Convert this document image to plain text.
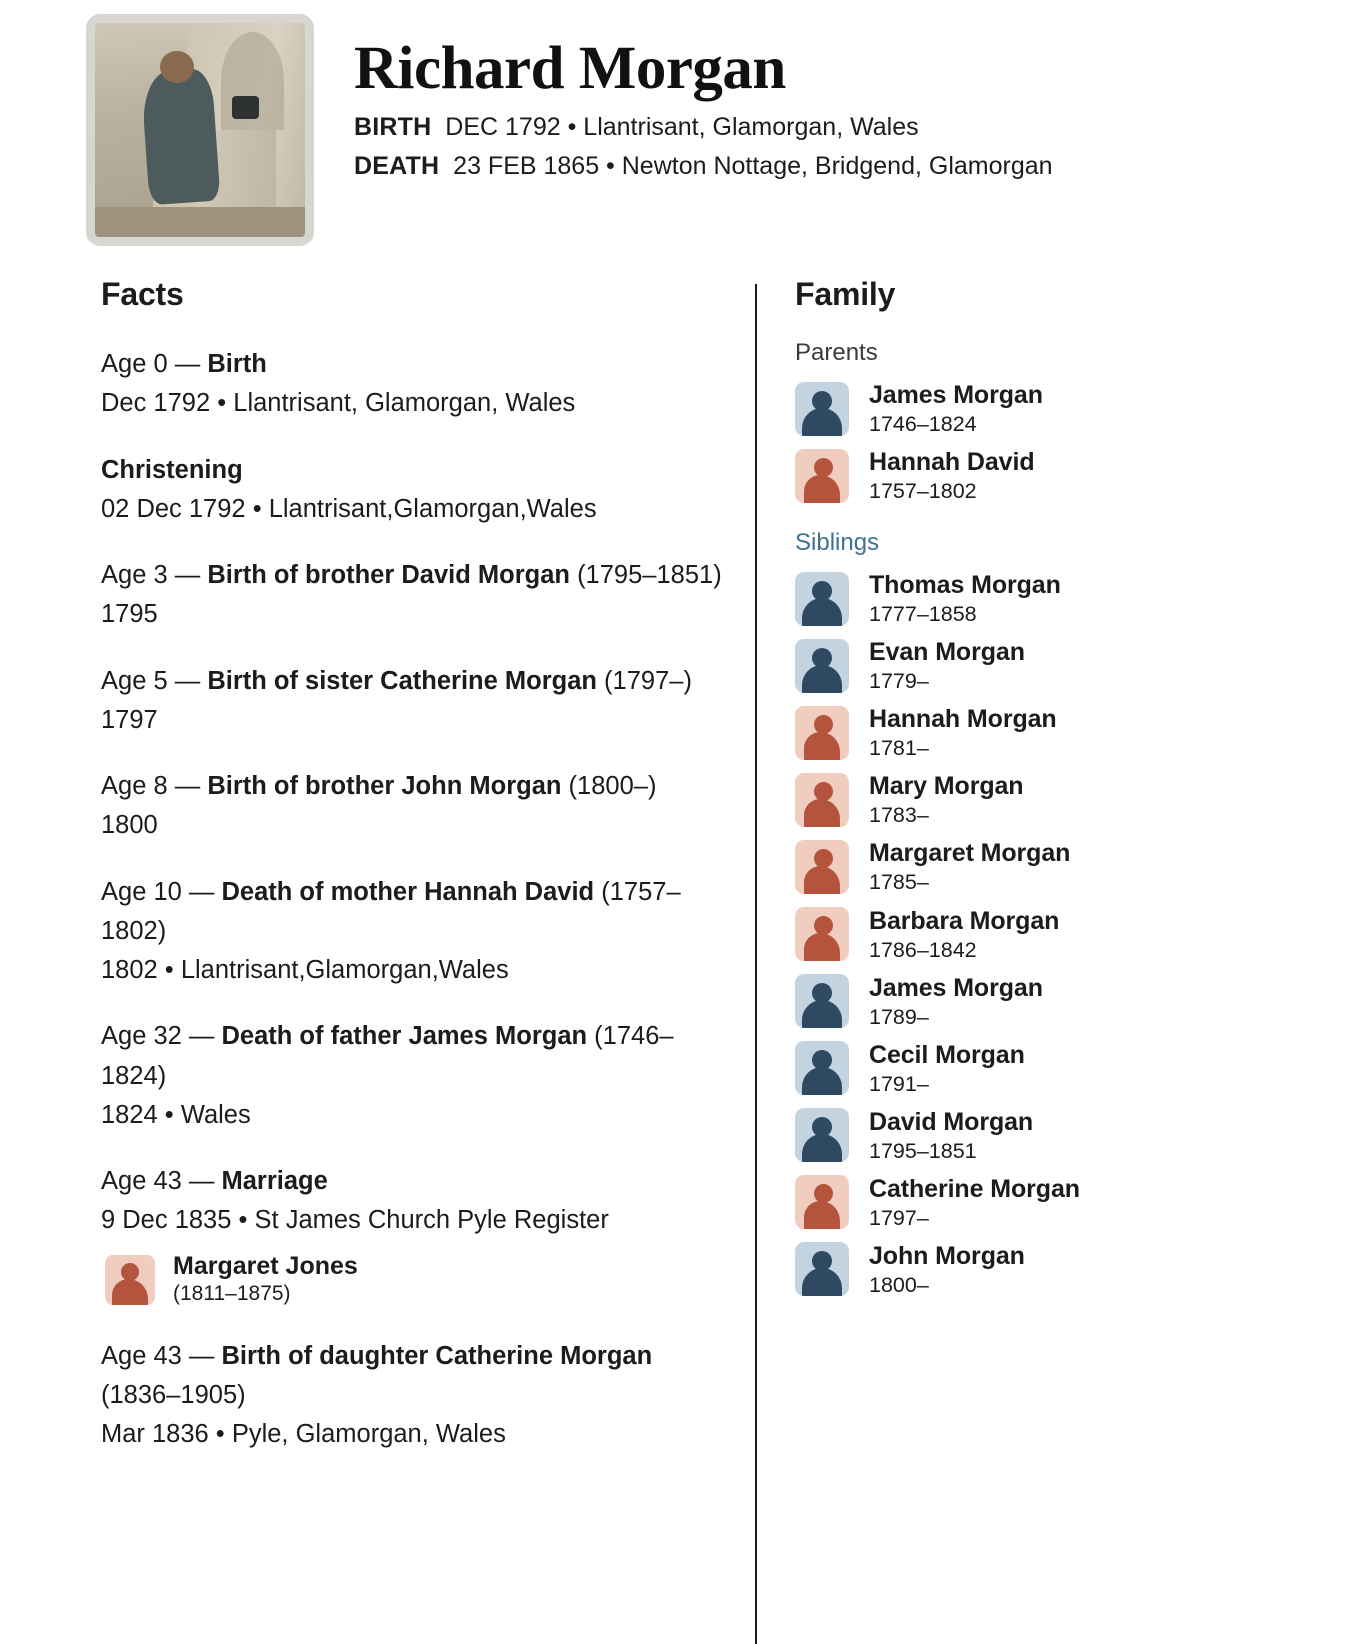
Richard Morgan
BIRTH DEC 1792 • Llantrisant, Glamorgan, Wales
DEATH 23 FEB 1865 • Newton Nottage, Bridgend, Glamorgan
Facts
Age 0 — Birth
Dec 1792 • Llantrisant, Glamorgan, Wales
Christening
02 Dec 1792 • Llantrisant,Glamorgan,Wales
Age 3 — Birth of brother David Morgan (1795–1851)
1795
Age 5 — Birth of sister Catherine Morgan (1797–)
1797
Age 8 — Birth of brother John Morgan (1800–)
1800
Age 10 — Death of mother Hannah David (1757–1802)
1802 • Llantrisant,Glamorgan,Wales
Age 32 — Death of father James Morgan (1746–1824)
1824 • Wales
Age 43 — Marriage
9 Dec 1835 • St James Church Pyle Register
Margaret Jones
(1811–1875)
Age 43 — Birth of daughter Catherine Morgan (1836–1905)
Mar 1836 • Pyle, Glamorgan, Wales
Family
Parents
James Morgan
1746–1824
Hannah David
1757–1802
Siblings
Thomas Morgan
1777–1858
Evan Morgan
1779–
Hannah Morgan
1781–
Mary Morgan
1783–
Margaret Morgan
1785–
Barbara Morgan
1786–1842
James Morgan
1789–
Cecil Morgan
1791–
David Morgan
1795–1851
Catherine Morgan
1797–
John Morgan
1800–
